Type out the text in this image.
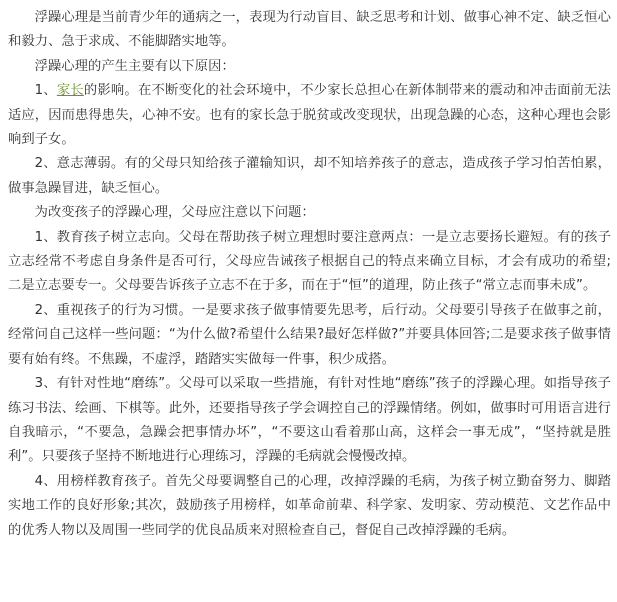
浮躁心理是当前青少年的通病之一，表现为行动盲目、缺乏思考和计划、做事心神不定、缺乏恒心和毅力、急于求成、不能脚踏实地等。

浮躁心理的产生主要有以下原因：

1、家长的影响。在不断变化的社会环境中，不少家长总担心在新体制带来的震动和冲击面前无法适应，因而患得患失，心神不安。也有的家长急于脱贫或改变现状，出现急躁的心态，这种心理也会影响到子女。

2、意志薄弱。有的父母只知给孩子灌输知识，却不知培养孩子的意志，造成孩子学习怕苦怕累，做事急躁冒进，缺乏恒心。

为改变孩子的浮躁心理，父母应注意以下问题：

1、教育孩子树立志向。父母在帮助孩子树立理想时要注意两点：一是立志要扬长避短。有的孩子立志经常不考虑自身条件是否可行，父母应告诫孩子根据自己的特点来确立目标，才会有成功的希望;二是立志要专一。父母要告诉孩子立志不在于多，而在于“恒”的道理，防止孩子“常立志而事未成”。

2、重视孩子的行为习惯。一是要求孩子做事情要先思考，后行动。父母要引导孩子在做事之前，经常问自己这样一些问题：“为什么做?希望什么结果?最好怎样做?”并要具体回答;二是要求孩子做事情要有始有终。不焦躁，不虚浮，踏踏实实做每一件事，积少成搭。

3、有针对性地“磨练”。父母可以采取一些措施，有针对性地“磨练”孩子的浮躁心理。如指导孩子练习书法、绘画、下棋等。此外，还要指导孩子学会调控自己的浮躁情绪。例如，做事时可用语言进行自我暗示，“不要急，急躁会把事情办坏”，“不要这山看着那山高，这样会一事无成”，“坚持就是胜利”。只要孩子坚持不断地进行心理练习，浮躁的毛病就会慢慢改掉。

4、用榜样教育孩子。首先父母要调整自己的心理，改掉浮躁的毛病，为孩子树立勤奋努力、脚踏实地工作的良好形象;其次，鼓励孩子用榜样，如革命前辈、科学家、发明家、劳动模范、文艺作品中的优秀人物以及周围一些同学的优良品质来对照检查自己，督促自己改掉浮躁的毛病。
